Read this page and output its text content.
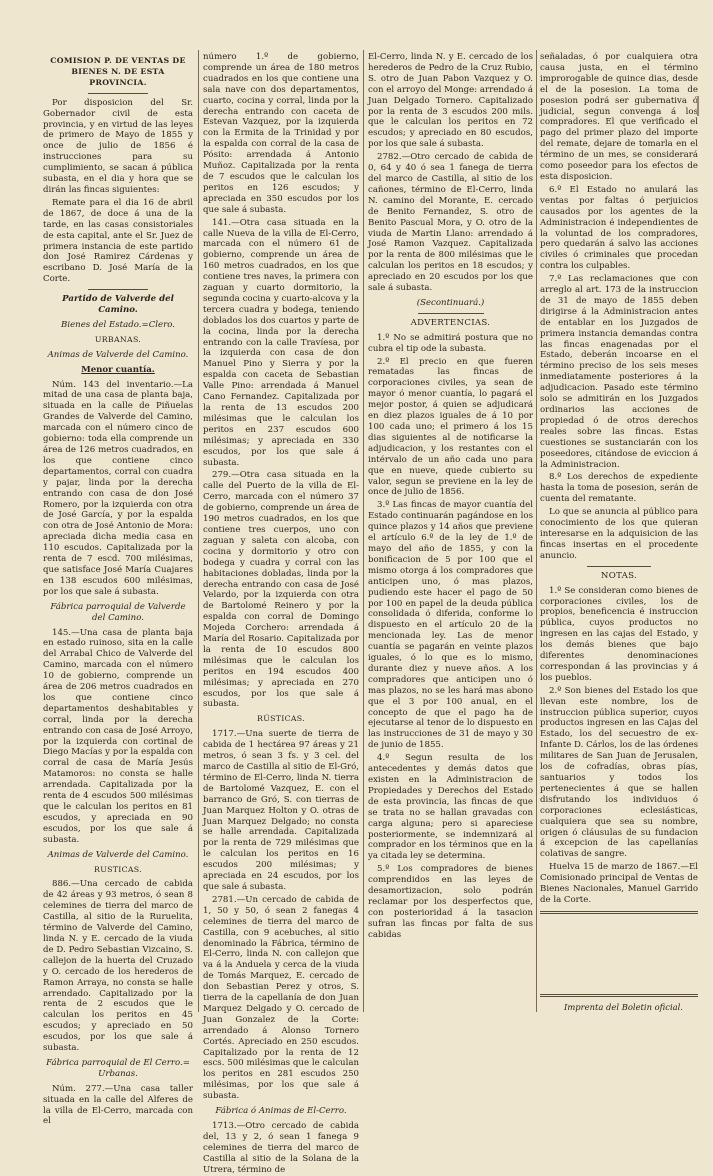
COMISION P. DE VENTAS DE BIENES N. DE ESTA PROVINCIA.

Por disposicion del Sr. Gobernador civil de esta provincia, y en virtud de las leyes de primero de Mayo de 1855 y once de julio de 1856 é instrucciones para su cumplimiento, se sacan á pública subasta, en el dia y hora que se dirán las fincas siguientes:

Remate para el dia 16 de abril de 1867, de doce á una de la tarde, en las casas consistoriales de esta capital, ante el Sr. Juez de primera instancia de este partido don José Ramirez Cárdenas y escribano D. José María de la Corte.

Partido de Valverde del Camino.

Bienes del Estado.=Clero.

URBANAS.

Animas de Valverde del Camino.

Menor cuantía.

Núm. 143 del inventario.—La mitad de una casa de planta baja, situada en la calle de Piñuelas Grandes de Valverde del Camino, marcada con el número cinco de gobierno: toda ella comprende un área de 126 metros cuadrados, en los que contiene cinco departamentos, corral con cuadra y pajar, linda por la derecha entrando con casa de don José Romero, por la izquierda con otra de José García, y por la espalda con otra de José Antonio de Mora: apreciada dicha media casa en 110 escudos. Capitalizada por la renta de 7 escd. 700 milésimas, que satisface José María Cuajares en 138 escudos 600 milésimas, por los que sale á subasta.

Fábrica parroquial de Valverde del Camino.

145.—Una casa de planta baja en estado ruinoso, sita en la calle del Arrabal Chico de Valverde del Camino, marcada con el número 10 de gobierno, comprende un área de 206 metros cuadrados en los que contiene cinco departamentos deshabitables y corral, linda por la derecha entrando con casa de José Arroyo, por la izquierda con cortinal de Diego Macías y por la espalda con corral de casa de María Jesús Matamoros: no consta se halle arrendada. Capitalizada por la renta de 4 escudos 500 milésimas que le calculan los peritos en 81 escudos, y apreciada en 90 escudos, por los que sale á subasta.

Animas de Valverde del Camino.

RUSTICAS.

886.—Una cercado de cabida de 42 áreas y 93 metros, ó sean 8 celemines de tierra del marco de Castilla, al sitio de la Ruruelita, término de Valverde del Camino, linda N. y E. cercado de la viuda de D. Pedro Sebastian Vizcaino, S. callejon de la huerta del Cruzado y O. cercado de los herederos de Ramon Arraya, no consta se halle arrendado. Capitalizado por la renta de 2 escudos que le calculan los peritos en 45 escudos; y apreciado en 50 escudos, por los que sale á subasta.

Fábrica parroquial de El Cerro.= Urbanas.

Núm. 277.—Una casa taller situada en la calle del Alferes de la villa de El-Cerro, marcada con el

número 1.º de gobierno, comprende un área de 180 metros cuadrados en los que contiene una sala nave con dos departamentos, cuarto, cocina y corral, linda por la derecha entrando con caceta de Estevan Vazquez, por la izquierda con la Ermita de la Trinidad y por la espalda con corral de la casa de Pósito: arrendada á Antonio Muñoz. Capitalizada por la renta de 7 escudos que le calculan los peritos en 126 escudos; y apreciada en 350 escudos por los que sale á subasta.

141.—Otra casa situada en la calle Nueva de la villa de El-Cerro, marcada con el número 61 de gobierno, comprende un área de 160 metros cuadrados, en los que contiene tres naves, la primera con zaguan y cuarto dormitorio, la segunda cocina y cuarto-alcova y la tercera cuadra y bodega, teniendo doblados los dos cuartos y parte de la cocina, linda por la derecha entrando con la calle Travíesa, por la izquierda con casa de don Manuel Pino y Sierra y por la espalda con caceta de Sebastian Valle Pino: arrendada á Manuel Cano Fernandez. Capitalizada por la renta de 13 escudos 200 milésimas que le calculan los peritos en 237 escudos 600 milésimas; y apreciada en 330 escudos, por los que sale á subasta.

279.—Otra casa situada en la calle del Puerto de la villa de El-Cerro, marcada con el número 37 de gobierno, comprende un área de 190 metros cuadrados, en los que contiene tres cuerpos, uno con zaguan y saleta con alcoba, con cocina y dormitorio y otro con bodega y cuadra y corral con las habitaciones dobladas, linda por la derecha entrando con casa de José Velardo, por la izquierda con otra de Bartolomé Reinero y por la espalda con corral de Domingo Mojeda Corchero: arrendada á María del Rosario. Capitalizada por la renta de 10 escudos 800 milésimas que le calculan los peritos en 194 escudos 400 milésimas; y apreciada en 270 escudos, por los que sale á subasta.

RÚSTICAS.

1717.—Una suerte de tierra de cabida de 1 hectárea 97 áreas y 21 metros, ó sean 3 fs. y 3 cel. del marco de Castilla al sitio de El-Gró, término de El-Cerro, linda N. tierra de Bartolomé Vazquez, E. con el barranco de Gró, S. con tierras de Juan Marquez Holton y O. otras de Juan Marquez Delgado; no consta se halle arrendada. Capitalizada por la renta de 729 milésimas que le calculan los peritos en 16 escudos 200 milésimas; y apreciada en 24 escudos, por los que sale á subasta.

2781.—Un cercado de cabida de 1, 50 y 50, ó sean 2 fanegas 4 celemines de tierra del marco de Castilla, con 9 acebuches, al sitio denominado la Fábrica, término de El-Cerro, linda N. con callejon que va á la Anduela y cerca de la viuda de Tomás Marquez, E. cercado de don Sebastian Perez y otros, S. tierra de la capellanía de don Juan Marquez Delgado y O. cercado de Juan Gonzalez de la Corte: arrendado á Alonso Tornero Cortés. Apreciado en 250 escudos. Capitalizado por la renta de 12 escs. 500 milésimas que le calculan los peritos en 281 escudos 250 milésimas, por los que sale á subasta.

Fábrica ó Animas de El-Cerro.

1713.—Otro cercado de cabida del, 13 y 2, ó sean 1 fanega 9 celemines de tierra del marco de Castilla al sitio de la Solana de la Utrera, término de

El-Cerro, linda N. y E. cercado de los herederos de Pedro de la Cruz Rubio, S. otro de Juan Pabon Vazquez y O. con el arroyo del Monge: arrendado á Juan Delgado Tornero. Capitalizado por la renta de 3 escudos 200 mils. que le calculan los peritos en 72 escudos; y apreciado en 80 escudos, por los que sale á subasta.

2782.—Otro cercado de cabida de 0, 64 y 40 ó sea 1 fanega de tierra del marco de Castilla, al sitio de los cañones, término de El-Cerro, linda N. camino del Morante, E. cercado de Benito Fernandez, S. otro de Benito Pascual Mora, y O. otro de la viuda de Martin Llano: arrendado á José Ramon Vazquez. Capitalizada por la renta de 800 milésimas que le calculan los peritos en 18 escudos; y apreciado en 20 escudos por los que sale á subasta.

(Secontinuará.)

ADVERTENCIAS.

1.º No se admitirá postura que no cubra el tip ode la subasta.

2.º El precio en que fueren rematadas las fincas de corporaciones civiles, ya sean de mayor ó menor cuantía, lo pagará el mejor postor, á quien se adjudicará en diez plazos iguales de á 10 por 100 cada uno; el primero á los 15 dias siguientes al de notificarse la adjudicacion, y los restantes con el intérvalo de un año cada uno para que en nueve, quede cubierto su valor, segun se previene en la ley de once de julio de 1856.

3.º Las fincas de mayor cuantía del Estado continuarán pagándose en los quince plazos y 14 años que previene el artículo 6.º de la ley de 1.º de mayo del año de 1855, y con la bonificacion de 5 por 100 que el mismo otorga á los compradores que anticipen uno, ó mas plazos, pudiendo este hacer el pago de 50 por 100 en papel de la deuda pública consolidada ó diferida, conforme lo dispuesto en el artículo 20 de la mencionada ley. Las de menor cuantía se pagarán en veinte plazos iguales, ó lo que es lo mismo, durante diez y nueve años. A los compradores que anticipen uno ó mas plazos, no se les hará mas abono que el 3 por 100 anual, en el concepto de que el pago ha de ejecutarse al tenor de lo dispuesto en las instrucciones de 31 de mayo y 30 de junio de 1855.

4.º Segun resulta de los antecedentes y demás datos que existen en la Administracion de Propiedades y Derechos del Estado de esta provincia, las fincas de que se trata no se hallan gravadas con carga alguna; pero si apareciese posteriormente, se indemnizará al comprador en los términos que en la ya citada ley se determina.

5.º Los compradores de bienes comprendidos en las leyes de desamortizacion, solo podrán reclamar por los desperfectos que, con posterioridad á la tasacion sufran las fincas por falta de sus cabidas

señaladas, ó por cualquiera otra causa justa, en el término improrogable de quince dias, desde el de la posesion. La toma de posesion podrá ser gubernativa ó judicial, segun convenga á los compradores. El que verificado el pago del primer plazo del importe del remate, dejare de tomarla en el término de un mes, se considerará como poseedor para los efectos de esta disposicion.

6.º El Estado no anulará las ventas por faltas ó perjuicios causados por los agentes de la Administracion é independientes de la voluntad de los compradores, pero quedarán á salvo las acciones civiles ó criminales que procedan contra los culpables.

7.º Las reclamaciones que con arreglo al art. 173 de la instruccion de 31 de mayo de 1855 deben dirigirse á la Administracion antes de entablar en los Juzgados de primera instancia demandas contra las fincas enagenadas por el Estado, deberán incoarse en el término preciso de los seis meses inmediatamente posteriores á la adjudicacion. Pasado este término solo se admitirán en los Juzgados ordinarios las acciones de propiedad ó de otros derechos reales sobre las fincas. Estas cuestiones se sustanciarán con los poseedores, citándose de eviccion á la Administracion.

8.º Los derechos de expediente hasta la toma de posesion, serán de cuenta del rematante.

Lo que se anuncia al público para conocimiento de los que quieran interesarse en la adquisicion de las fincas insertas en el procedente anuncio.

NOTAS.

1.º Se consideran como bienes de corporaciones civiles, los de propios, beneficencia é instruccion pública, cuyos productos no ingresen en las cajas del Estado, y los demás bienes que bajo diferentes denominaciones correspondan á las provincias y á los pueblos.

2.º Son bienes del Estado los que llevan este nombre, los de instruccion pública superior, cuyos productos ingresen en las Cajas del Estado, los del secuestro de ex-Infante D. Cárlos, los de las órdenes militares de San Juan de Jerusalen, los de cofradías, obras pías, santuarios y todos los pertenecientes á que se hallen disfrutando los individuos ó corporaciones eclesiásticas, cualquiera que sea su nombre, origen ó cláusulas de su fundacion á excepcion de las capellanías colativas de sangre.

Huelva 15 de marzo de 1867.—El Comisionado principal de Ventas de Bienes Nacionales, Manuel Garrido de la Corte.

Imprenta del Boletin oficial.
